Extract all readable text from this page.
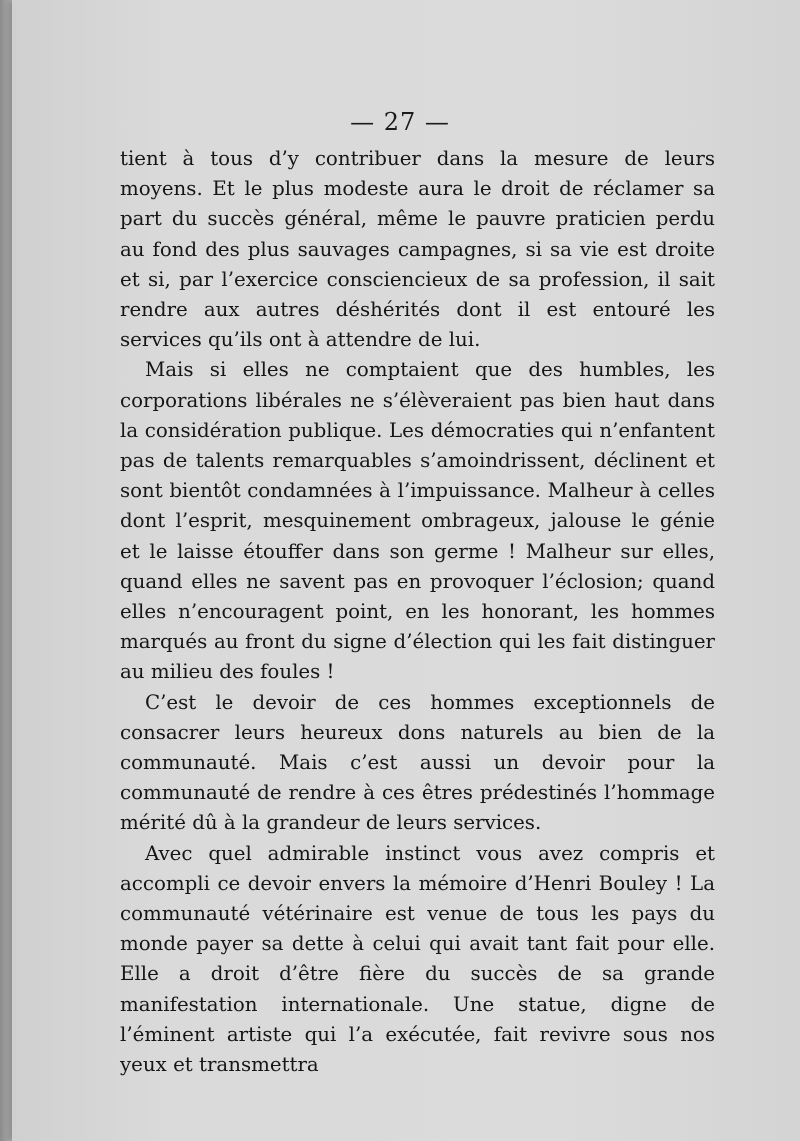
— 27 —

tient à tous d’y contribuer dans la mesure de leurs moyens. Et le plus modeste aura le droit de réclamer sa part du succès général, même le pauvre praticien perdu au fond des plus sauvages campagnes, si sa vie est droite et si, par l’exercice consciencieux de sa profession, il sait rendre aux autres déshérités dont il est entouré les services qu’ils ont à attendre de lui.

Mais si elles ne comptaient que des humbles, les corporations libérales ne s’élèveraient pas bien haut dans la considération publique. Les démocraties qui n’enfantent pas de talents remarquables s’amoindrissent, déclinent et sont bientôt condamnées à l’impuissance. Malheur à celles dont l’esprit, mesquinement ombrageux, jalouse le génie et le laisse étouffer dans son germe ! Malheur sur elles, quand elles ne savent pas en provoquer l’éclosion; quand elles n’encouragent point, en les honorant, les hommes marqués au front du signe d’élection qui les fait distinguer au milieu des foules !

C’est le devoir de ces hommes exceptionnels de consacrer leurs heureux dons naturels au bien de la communauté. Mais c’est aussi un devoir pour la communauté de rendre à ces êtres prédestinés l’hommage mérité dû à la grandeur de leurs services.

Avec quel admirable instinct vous avez compris et accompli ce devoir envers la mémoire d’Henri Bouley ! La communauté vétérinaire est venue de tous les pays du monde payer sa dette à celui qui avait tant fait pour elle. Elle a droit d’être fière du succès de sa grande manifestation internationale. Une statue, digne de l’éminent artiste qui l’a exécutée, fait revivre sous nos yeux et transmettra
